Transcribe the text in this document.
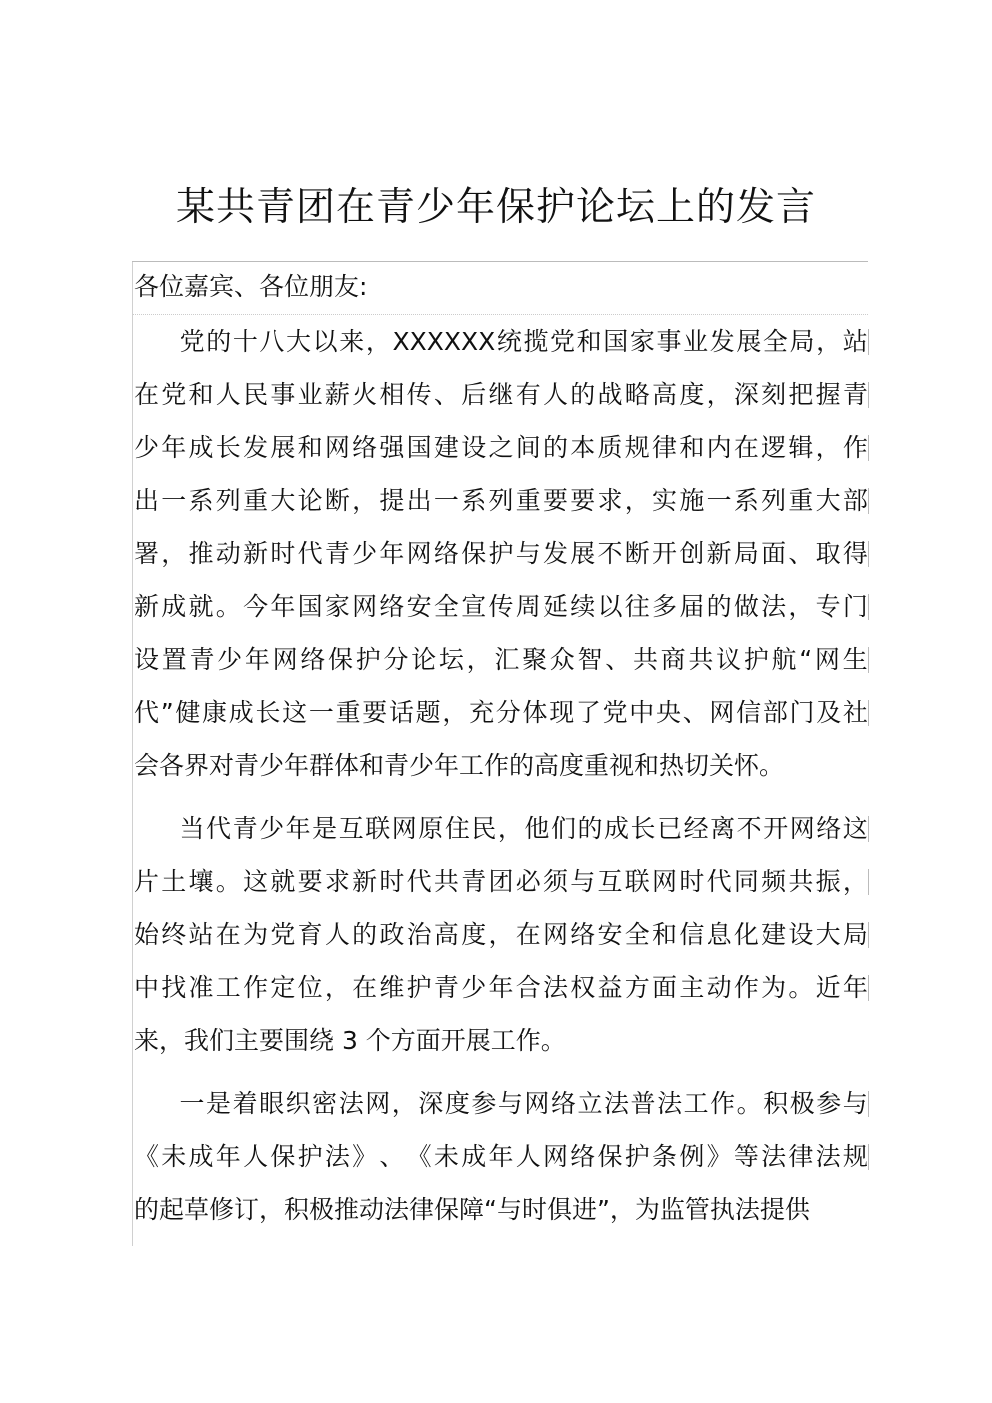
某共青团在青少年保护论坛上的发言
各位嘉宾、各位朋友:
党 的 十 八 大 以 来 ， XXXXXX 统 揽 党 和 国 家 事 业 发 展 全 局 ， 站
在 党 和 人 民 事 业 薪 火 相 传 、 后 继 有 人 的 战 略 高 度 ， 深 刻 把 握 青
少 年 成 长 发 展 和 网 络 强 国 建 设 之 间 的 本 质 规 律 和 内 在 逻 辑 ， 作
出 一 系 列 重 大 论 断 ， 提 出 一 系 列 重 要 要 求 ， 实 施 一 系 列 重 大 部
署 ， 推 动 新 时 代 青 少 年 网 络 保 护 与 发 展 不 断 开 创 新 局 面 、 取 得
新 成 就 。 今 年 国 家 网 络 安 全 宣 传 周 延 续 以 往 多 届 的 做 法 ， 专 门
设 置 青 少 年 网 络 保 护 分 论 坛 ， 汇 聚 众 智 、 共 商 共 议 护 航 “ 网 生
代 ” 健 康 成 长 这 一 重 要 话 题 ， 充 分 体 现 了 党 中 央 、 网 信 部 门 及 社
会各界对青少年群体和青少年工作的高度重视和热切关怀。
当 代 青 少 年 是 互 联 网 原 住 民 ， 他 们 的 成 长 已 经 离 不 开 网 络 这
片 土 壤 。 这 就 要 求 新 时 代 共 青 团 必 须 与 互 联 网 时 代 同 频 共 振 ，
始 终 站 在 为 党 育 人 的 政 治 高 度 ， 在 网 络 安 全 和 信 息 化 建 设 大 局
中 找 准 工 作 定 位 ， 在 维 护 青 少 年 合 法 权 益 方 面 主 动 作 为 。 近 年
来，我们主要围绕 3 个方面开展工作。
一 是 着 眼 织 密 法 网 ， 深 度 参 与 网 络 立 法 普 法 工 作 。 积 极 参 与
《 未 成 年 人 保 护 法 》 、 《 未 成 年 人 网 络 保 护 条 例 》 等 法 律 法 规
的起草修订，积极推动法律保障“与时俱进”，为监管执法提供
